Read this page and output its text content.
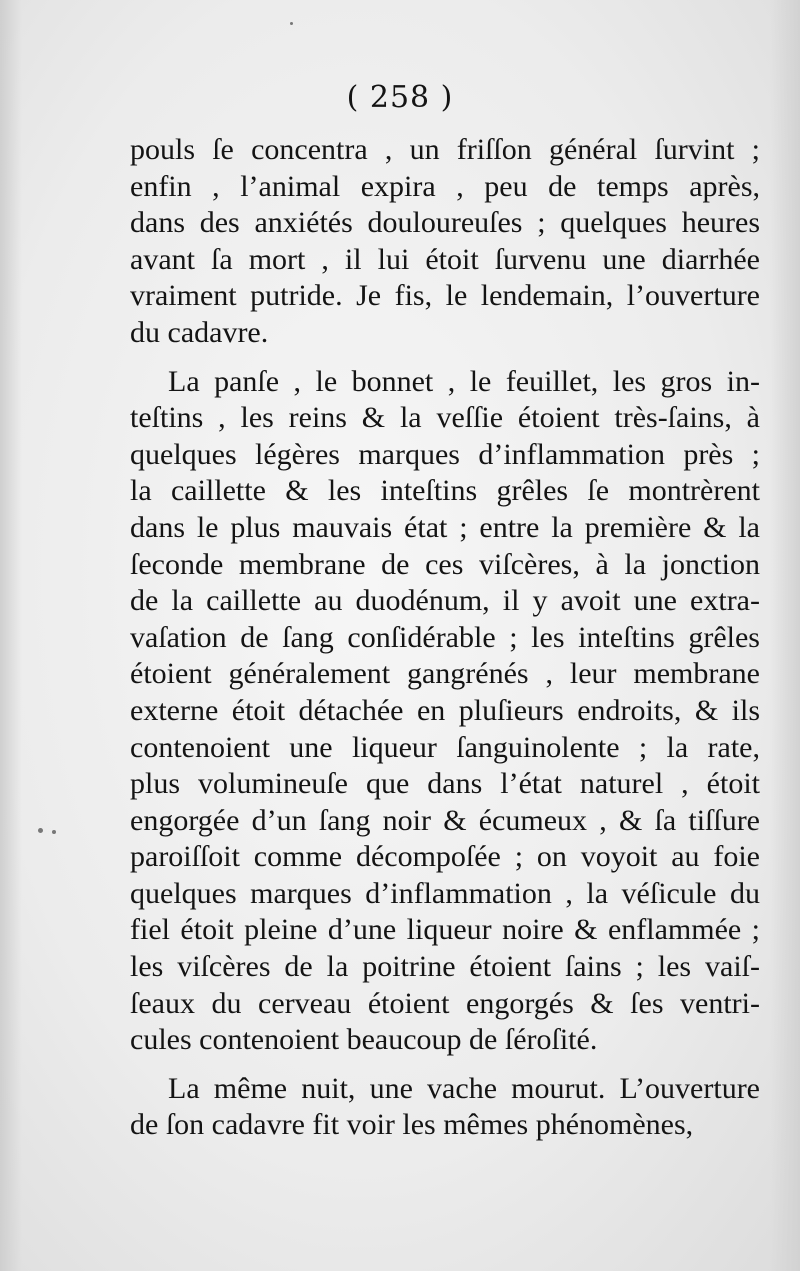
( 258 )
pouls ſe concentra , un friſſon général ſurvint ;
enfin , l’animal expira , peu de temps après,
dans des anxiétés douloureuſes ; quelques heures
avant ſa mort , il lui étoit ſurvenu une diarrhée
vraiment putride. Je fis, le lendemain, l’ouverture
du cadavre.
La panſe , le bonnet , le feuillet, les gros in-
teſtins , les reins & la veſſie étoient très-ſains, à
quelques légères marques d’inflammation près ;
la caillette & les inteſtins grêles ſe montrèrent
dans le plus mauvais état ; entre la première & la
ſeconde membrane de ces viſcères, à la jonction
de la caillette au duodénum, il y avoit une extra-
vaſation de ſang conſidérable ; les inteſtins grêles
étoient généralement gangrénés , leur membrane
externe étoit détachée en pluſieurs endroits, & ils
contenoient une liqueur ſanguinolente ; la rate,
plus volumineuſe que dans l’état naturel , étoit
engorgée d’un ſang noir & écumeux , & ſa tiſſure
paroiſſoit comme décompoſée ; on voyoit au foie
quelques marques d’inflammation , la véſicule du
fiel étoit pleine d’une liqueur noire & enflammée ;
les viſcères de la poitrine étoient ſains ; les vaiſ-
ſeaux du cerveau étoient engorgés & ſes ventri-
cules contenoient beaucoup de ſéroſité.
La même nuit, une vache mourut. L’ouverture
de ſon cadavre fit voir les mêmes phénomènes,
